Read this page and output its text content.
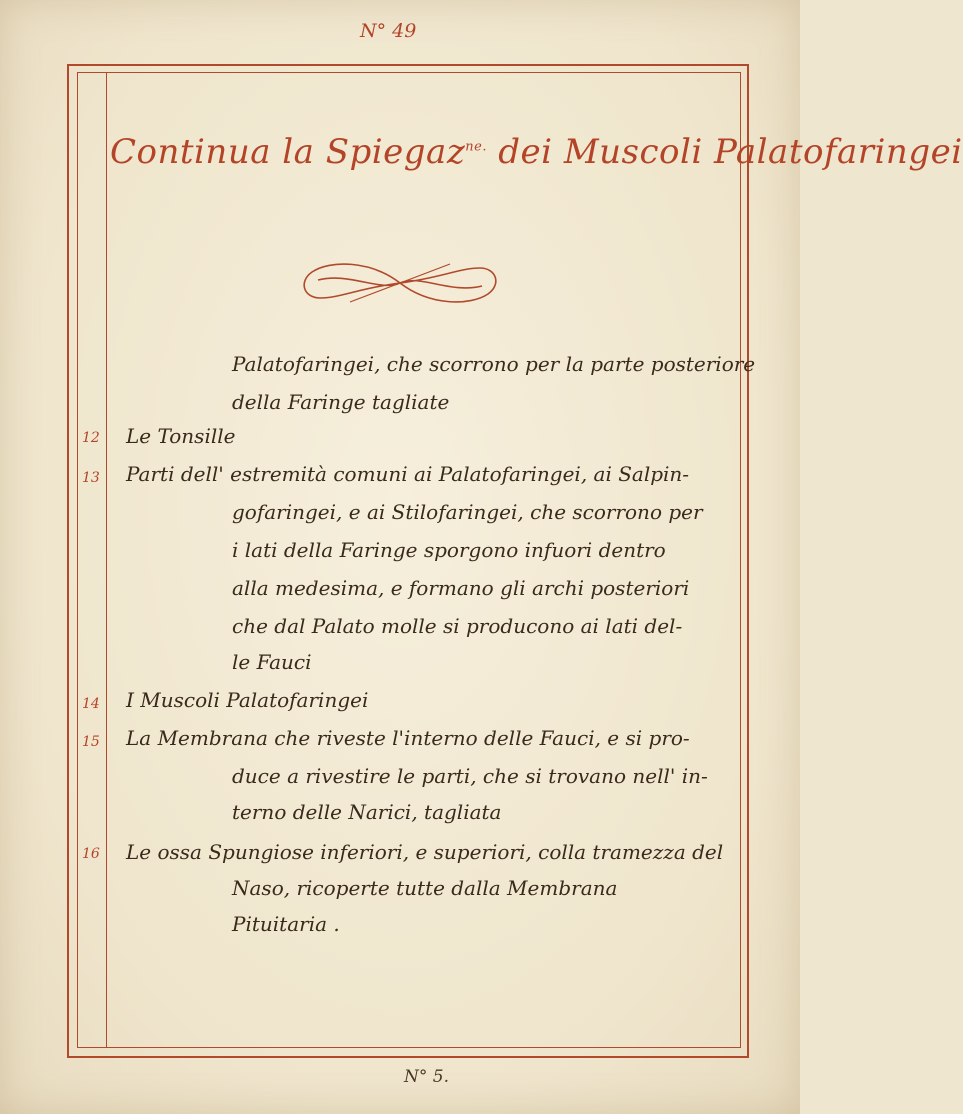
N° 49
Continua la Spiegaz$^{ne.}$ dei Muscoli Palatofaringei
Palatofaringei, che scorrono per la parte posteriore
della Faringe tagliate
12 Le Tonsille
13 Parti dell' estremità comuni ai Palatofaringei, ai Salpin-
gofaringei, e ai Stilofaringei, che scorrono per
i lati della Faringe sporgono infuori dentro
alla medesima, e formano gli archi posteriori
che dal Palato molle si producono ai lati del-
le Fauci
14 I Muscoli Palatofaringei
15 La Membrana che riveste l'interno delle Fauci, e si pro-
duce a rivestire le parti, che si trovano nell' in-
terno delle Narici, tagliata
16 Le ossa Spungiose inferiori, e superiori, colla tramezza del
Naso, ricoperte tutte dalla Membrana
Pituitaria .
N° 5.
